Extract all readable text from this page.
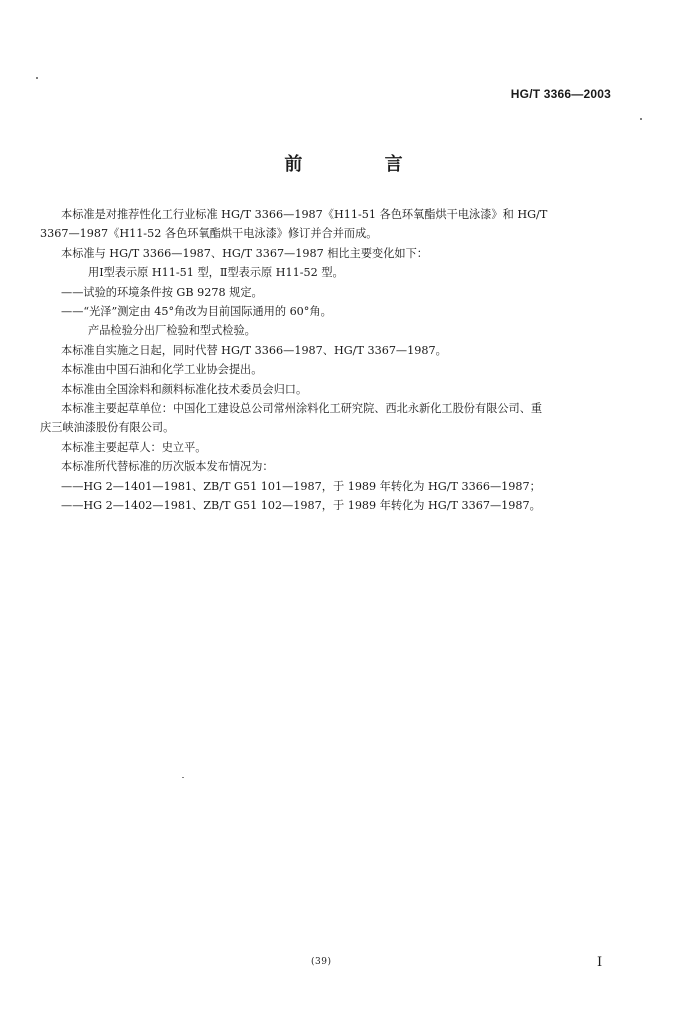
HG/T 3366—2003
前 言

本标准是对推荐性化工行业标准 HG/T 3366—1987《H11-51 各色环氧酯烘干电泳漆》和 HG/T

3367—1987《H11-52 各色环氧酯烘干电泳漆》修订并合并而成。

本标准与 HG/T 3366—1987、HG/T 3367—1987 相比主要变化如下：

用Ⅰ型表示原 H11-51 型，Ⅱ型表示原 H11-52 型。

——试验的环境条件按 GB 9278 规定。

——“光泽”测定由 45°角改为目前国际通用的 60°角。

产品检验分出厂检验和型式检验。

本标准自实施之日起，同时代替 HG/T 3366—1987、HG/T 3367—1987。

本标准由中国石油和化学工业协会提出。

本标准由全国涂料和颜料标准化技术委员会归口。

本标准主要起草单位：中国化工建设总公司常州涂料化工研究院、西北永新化工股份有限公司、重

庆三峡油漆股份有限公司。

本标准主要起草人：史立平。

本标准所代替标准的历次版本发布情况为：

——HG 2—1401—1981、ZB/T G51 101—1987，于 1989 年转化为 HG/T 3366—1987；

——HG 2—1402—1981、ZB/T G51 102—1987，于 1989 年转化为 HG/T 3367—1987。

(39)	I
